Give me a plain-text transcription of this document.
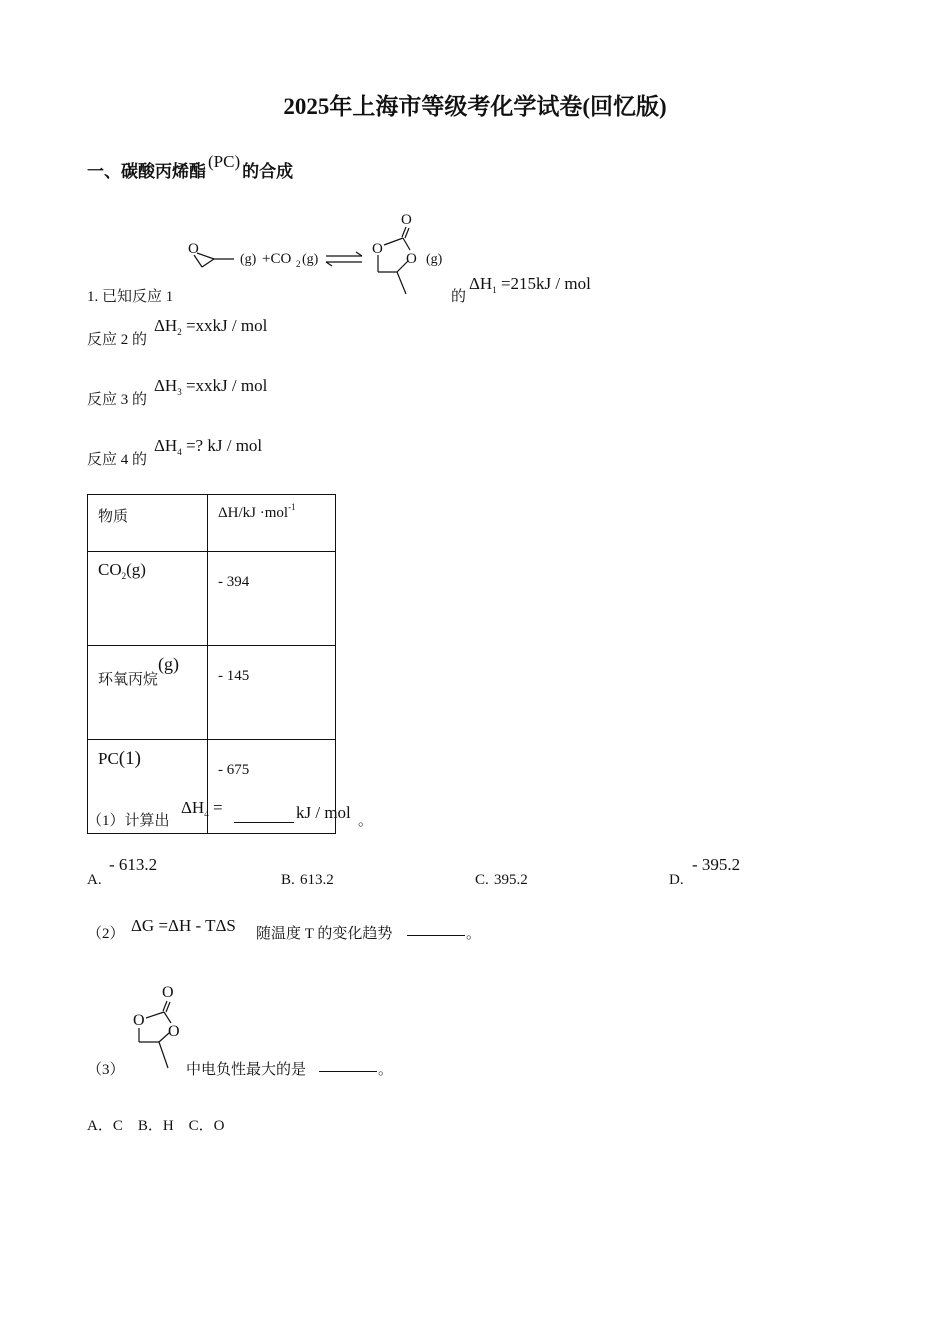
2025年上海市等级考化学试卷(回忆版)
一、碳酸丙烯酯(PC)的合成
O
(g) +CO 2 (g)
O
O
O (g)
1. 已知反应 1	的
$\Delta H_1 =215kJ$ / mol
反应 2 的
$\Delta H_2$ =xxkJ / mol
反应 3 的
$\Delta H_3$ =xxkJ / mol
反应 4 的
$\Delta H_4$ =? kJ / mol
物质	ΔH/kJ ·mol$^{-1}$
$CO_2(g)$	- 394
环氧丙烷(g)	- 145
PC(1)	- 675
（1）计算出
$\Delta H_4$ =	kJ / mol 。
A.
- 613.2
B. 613.2	C. 395.2	D.
- 395.2
（2） ΔG =ΔH - TΔS 随温度 T 的变化趋势	。
O
O
O
（3）	中电负性最大的是	。
A．C    B．H    C．O
